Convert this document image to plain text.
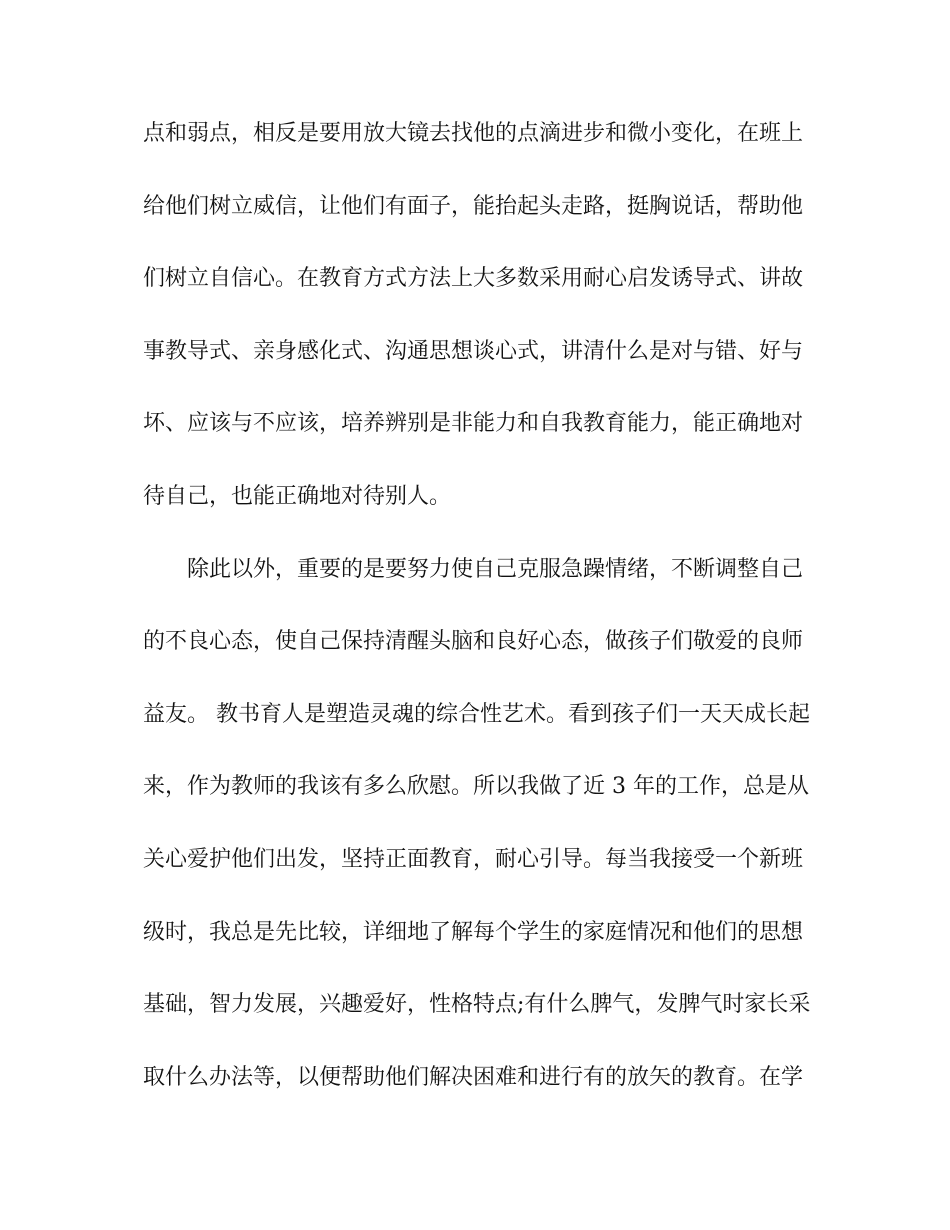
点和弱点，相反是要用放大镜去找他的点滴进步和微小变化，在班上
给他们树立威信，让他们有面子，能抬起头走路，挺胸说话，帮助他
们树立自信心。在教育方式方法上大多数采用耐心启发诱导式、讲故
事教导式、亲身感化式、沟通思想谈心式，讲清什么是对与错、好与
坏、应该与不应该，培养辨别是非能力和自我教育能力，能正确地对
待自己，也能正确地对待别人。
除此以外，重要的是要努力使自己克服急躁情绪，不断调整自己
的不良心态，使自己保持清醒头脑和良好心态，做孩子们敬爱的良师
益友。 教书育人是塑造灵魂的综合性艺术。看到孩子们一天天成长起
来，作为教师的我该有多么欣慰。所以我做了近 3 年的工作，总是从
关心爱护他们出发，坚持正面教育，耐心引导。每当我接受一个新班
级时，我总是先比较，详细地了解每个学生的家庭情况和他们的思想
基础，智力发展，兴趣爱好，性格特点;有什么脾气，发脾气时家长采
取什么办法等，以便帮助他们解决困难和进行有的放矢的教育。在学
